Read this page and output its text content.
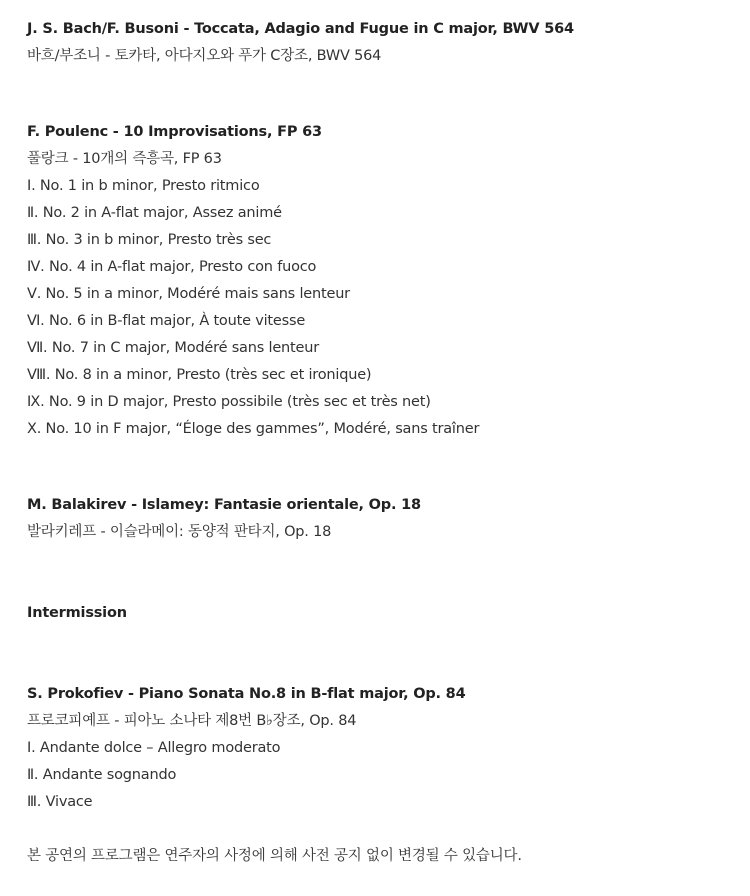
J. S. Bach/F. Busoni - Toccata, Adagio and Fugue in C major, BWV 564
바흐/부조니 - 토카타, 아다지오와 푸가 C장조, BWV 564
F. Poulenc - 10 Improvisations, FP 63
풀랑크 - 10개의 즉흥곡, FP 63
Ⅰ. No. 1 in b minor, Presto ritmico
Ⅱ. No. 2 in A-flat major, Assez animé
Ⅲ. No. 3 in b minor, Presto très sec
Ⅳ. No. 4 in A-flat major, Presto con fuoco
Ⅴ. No. 5 in a minor, Modéré mais sans lenteur
Ⅵ. No. 6 in B-flat major, À toute vitesse
Ⅶ. No. 7 in C major, Modéré sans lenteur
Ⅷ. No. 8 in a minor, Presto (très sec et ironique)
Ⅸ. No. 9 in D major, Presto possibile (très sec et très net)
Ⅹ. No. 10 in F major, “Éloge des gammes”, Modéré, sans traîner
M. Balakirev - Islamey: Fantasie orientale, Op. 18
발라키레프 - 이슬라메이: 동양적 판타지, Op. 18
Intermission
S. Prokofiev - Piano Sonata No.8 in B-flat major, Op. 84
프로코피예프 - 피아노 소나타 제8번 B♭장조, Op. 84
Ⅰ. Andante dolce – Allegro moderato
Ⅱ. Andante sognando
Ⅲ. Vivace
본 공연의 프로그램은 연주자의 사정에 의해 사전 공지 없이 변경될 수 있습니다.
